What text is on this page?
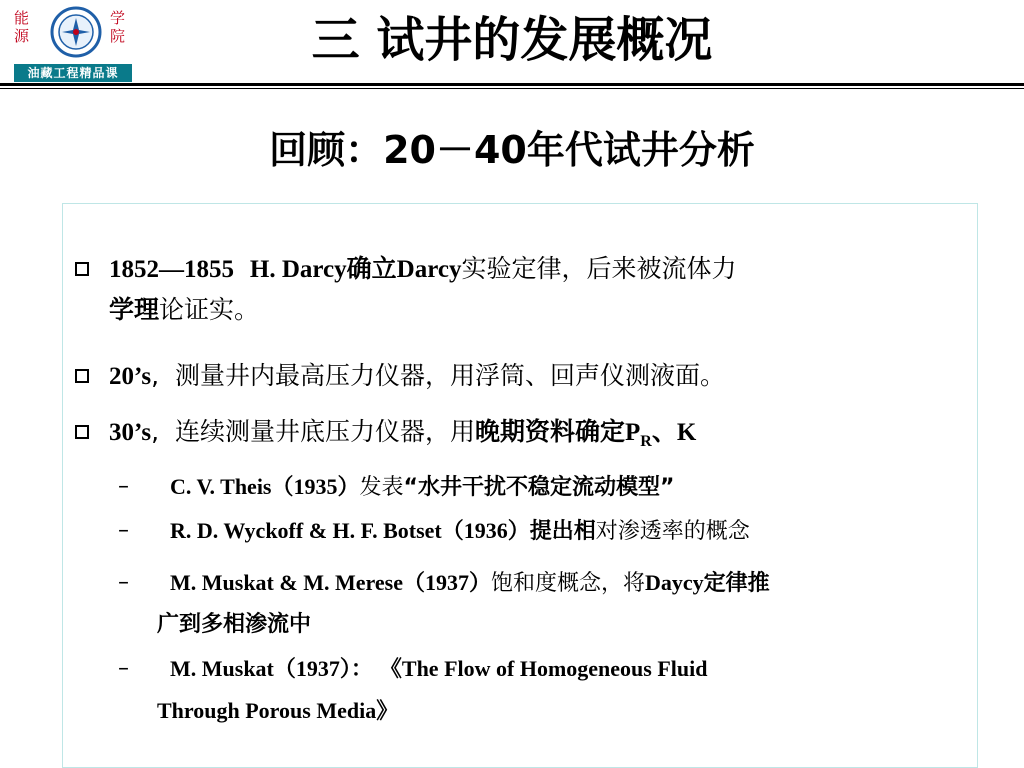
能
源
学
院
油藏工程精品课
三 试井的发展概况
回顾：20－40年代试井分析
1852—1855 H. Darcy确立Darcy实验定律，后来被流体力
学理论证实。
20’s,  测量井内最高压力仪器，用浮筒、回声仪测液面。
30’s,  连续测量井底压力仪器，用晚期资料确定$P_R$、K
–	C. V. Theis（1935）发表“水井干扰不稳定流动模型”
–	R. D. Wyckoff & H. F. Botset（1936）提出相对渗透率的概念
–	M. Muskat & M. Merese（1937）饱和度概念，将Daycy定律推
广到多相渗流中
–	M. Muskat（1937）： 《The Flow of Homogeneous Fluid
Through Porous Media》
